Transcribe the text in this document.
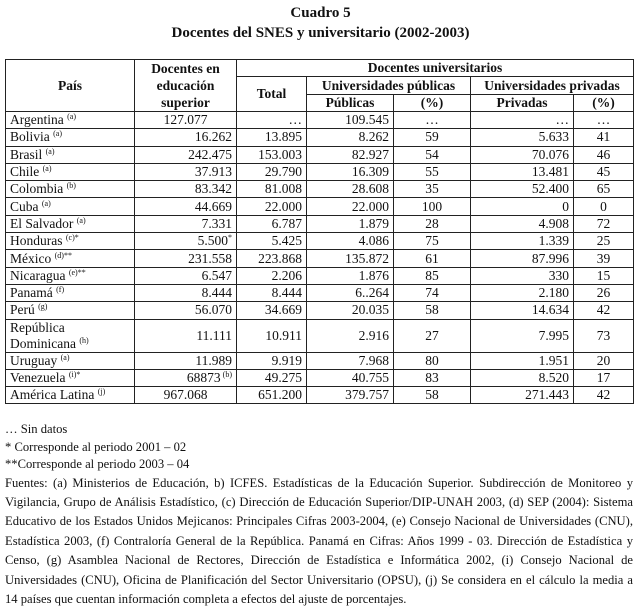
Cuadro 5
Docentes del SNES y universitario (2002-2003)
País	Docentes en educación superior	Docentes universitarios				
		Total	Universidades públicas		Universidades privadas	
			Públicas	(%)	Privadas	(%)
Argentina $^{(a)}$	127.077	…	109.545	…	…	…
Bolivia $^{(a)}$	16.262	13.895	8.262	59	5.633	41
Brasil $^{(a)}$	242.475	153.003	82.927	54	70.076	46
Chile $^{(a)}$	37.913	29.790	16.309	55	13.481	45
Colombia $^{(b)}$	83.342	81.008	28.608	35	52.400	65
Cuba $^{(a)}$	44.669	22.000	22.000	100	0	0
El Salvador $^{(a)}$	7.331	6.787	1.879	28	4.908	72
Honduras $^{(c)*}$	5.500*	5.425	4.086	75	1.339	25
México $^{(d)**}$	231.558	223.868	135.872	61	87.996	39
Nicaragua $^{(e)**}$	6.547	2.206	1.876	85	330	15
Panamá $^{(f)}$	8.444	8.444	6..264	74	2.180	26
Perú $^{(g)}$	56.070	34.669	20.035	58	14.634	42
República Dominicana $^{(h)}$	11.111	10.911	2.916	27	7.995	73
Uruguay $^{(a)}$	11.989	9.919	7.968	80	1.951	20
Venezuela $^{(i)*}$	68873 $^{(b)}$	49.275	40.755	83	8.520	17
América Latina $^{(j)}$	967.068	651.200	379.757	58	271.443	42
… Sin datos
* Corresponde al periodo 2001 – 02
**Corresponde al periodo 2003 – 04
Fuentes: (a) Ministerios de Educación, b) ICFES. Estadísticas de la Educación Superior. Subdirección de Monitoreo y Vigilancia, Grupo de Análisis Estadístico, (c) Dirección de Educación Superior/DIP-UNAH 2003, (d) SEP (2004): Sistema Educativo de los Estados Unidos Mejicanos: Principales Cifras 2003-2004, (e) Consejo Nacional de Universidades (CNU), Estadística 2003, (f) Contraloría General de la República. Panamá en Cifras: Años 1999 - 03. Dirección de Estadística y Censo, (g) Asamblea Nacional de Rectores, Dirección de Estadística e Informática 2002, (i) Consejo Nacional de Universidades (CNU), Oficina de Planificación del Sector Universitario (OPSU), (j) Se considera en el cálculo la media a 14 países que cuentan información completa a efectos del ajuste de porcentajes.
